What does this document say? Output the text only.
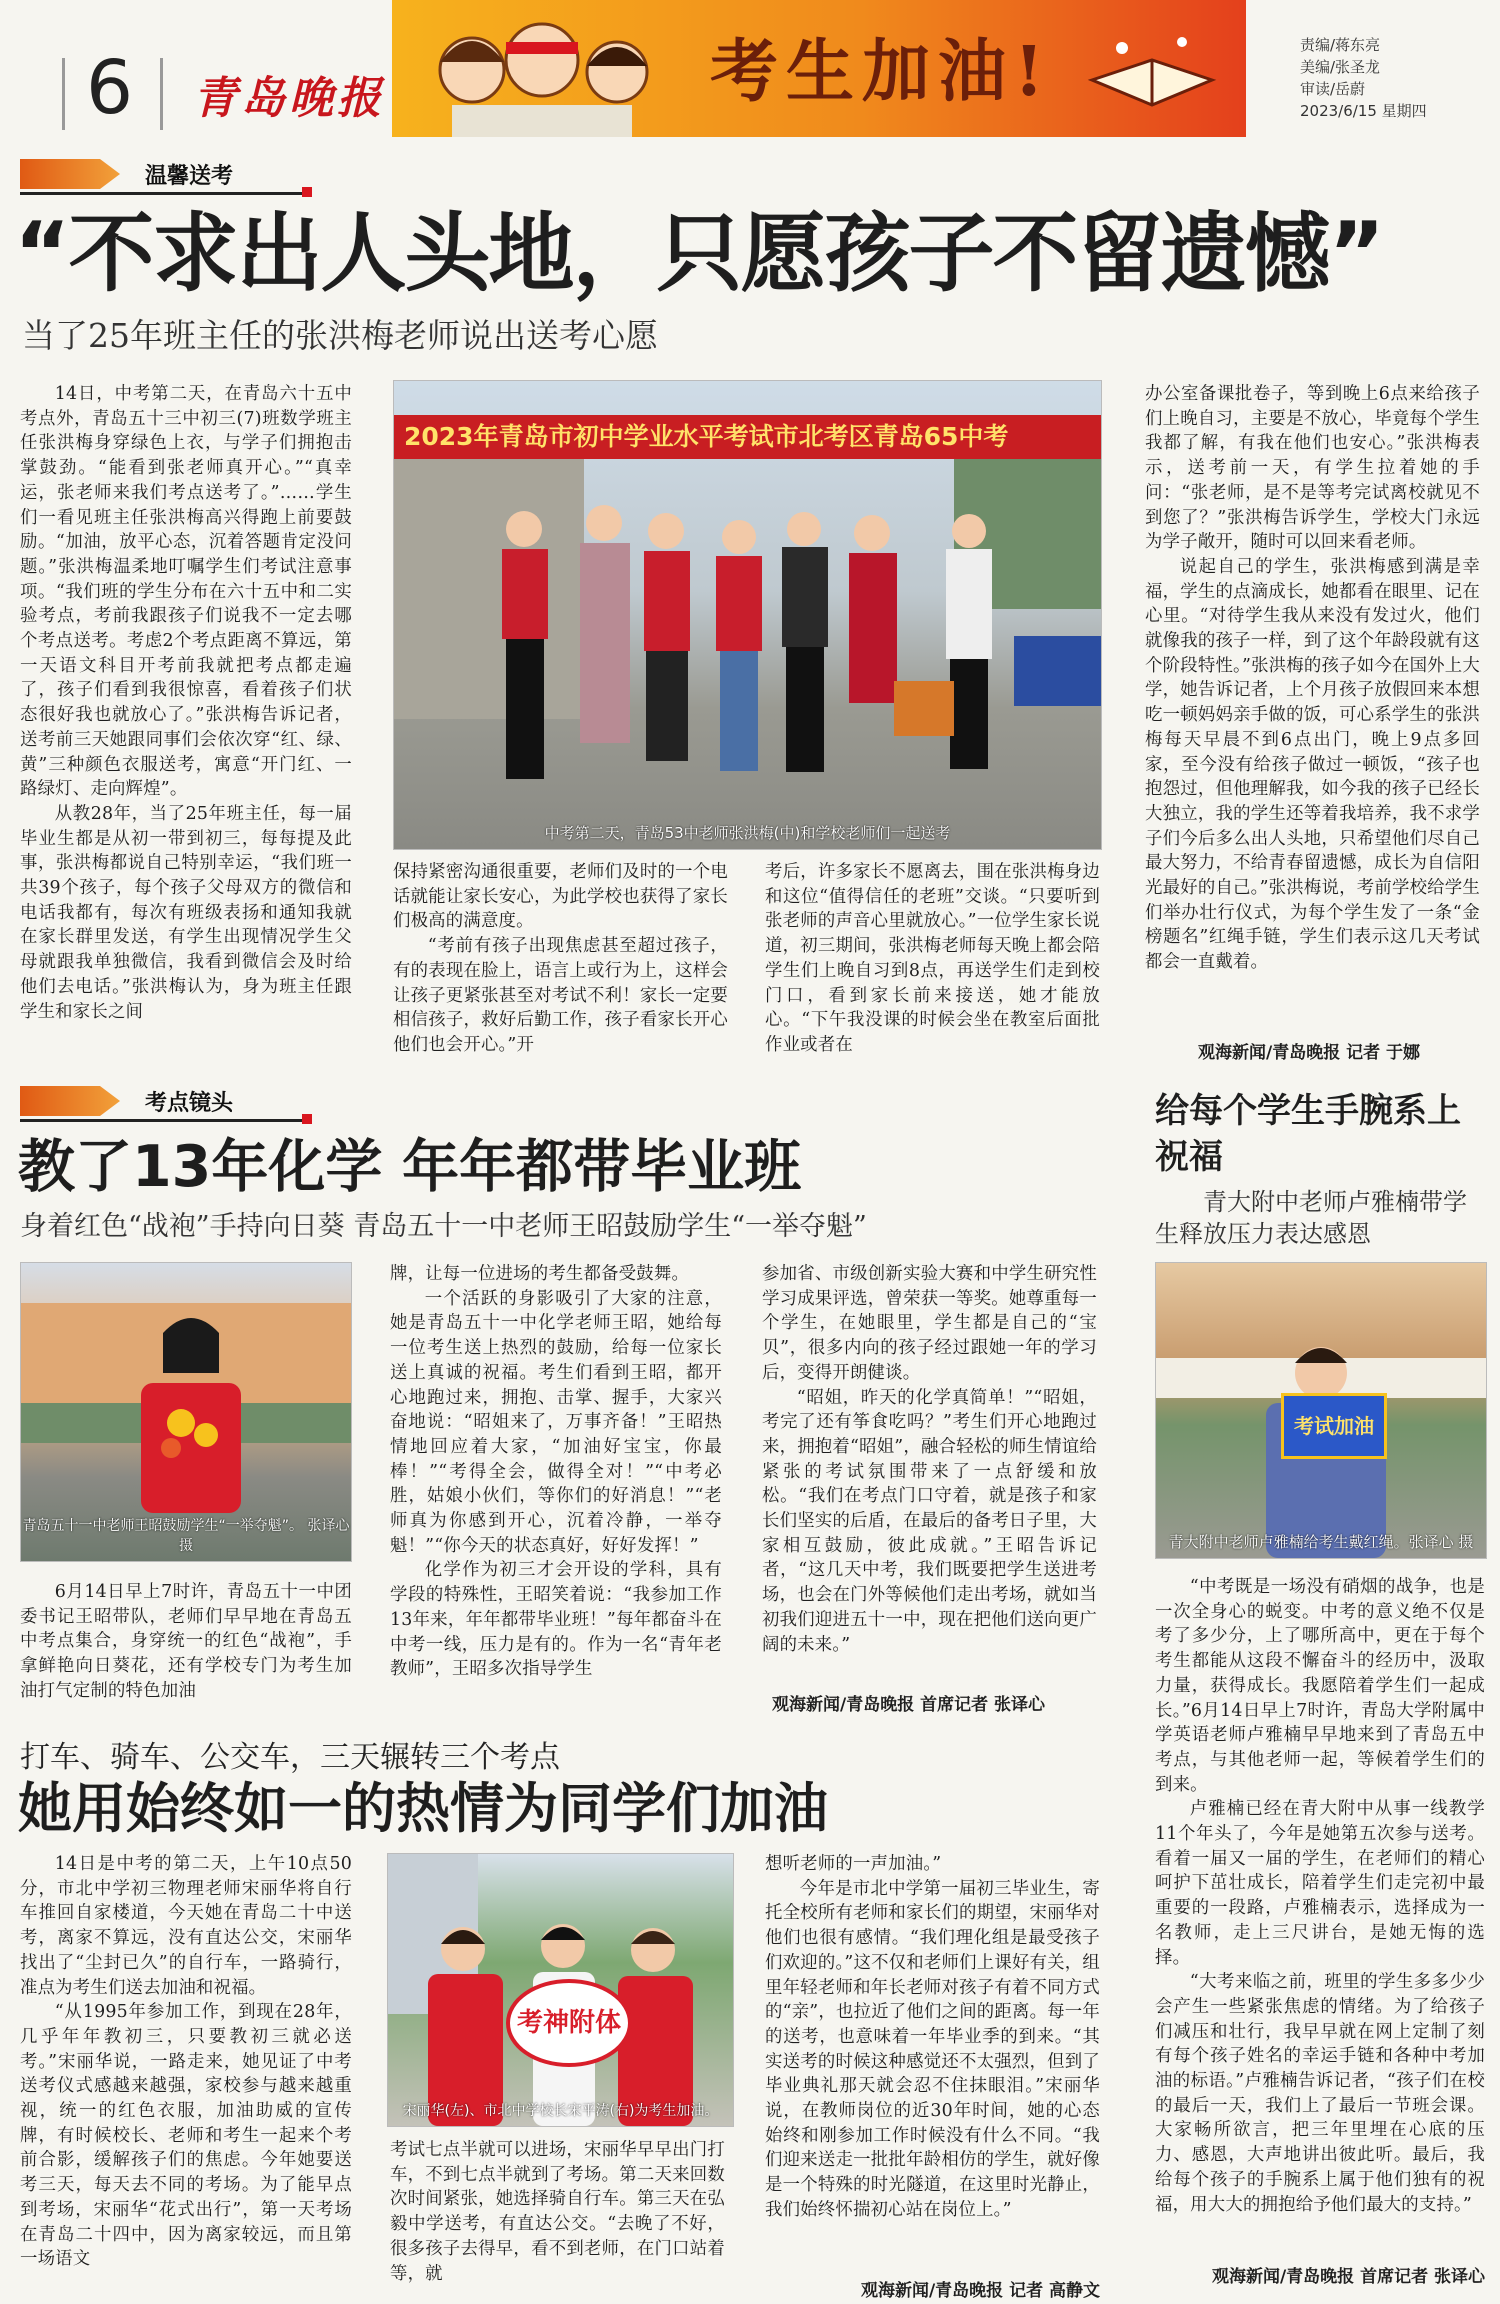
6 青岛晚报	考生加油!	责编/蒋东亮
美编/张圣龙
审读/岳蔚
2023/6/15 星期四
温馨送考
“不求出人头地，只愿孩子不留遗憾”
当了25年班主任的张洪梅老师说出送考心愿

14日，中考第二天，在青岛六十五中考点外，青岛五十三中初三(7)班数学班主任张洪梅身穿绿色上衣，与学子们拥抱击掌鼓劲。“能看到张老师真开心。”“真幸运，张老师来我们考点送考了。”……学生们一看见班主任张洪梅高兴得跑上前要鼓励。“加油，放平心态，沉着答题肯定没问题。”张洪梅温柔地叮嘱学生们考试注意事项。“我们班的学生分布在六十五中和二实验考点，考前我跟孩子们说我不一定去哪个考点送考。考虑2个考点距离不算远，第一天语文科目开考前我就把考点都走遍了，孩子们看到我很惊喜，看着孩子们状态很好我也就放心了。”张洪梅告诉记者，送考前三天她跟同事们会依次穿“红、绿、黄”三种颜色衣服送考，寓意“开门红、一路绿灯、走向辉煌”。

从教28年，当了25年班主任，每一届毕业生都是从初一带到初三，每每提及此事，张洪梅都说自己特别幸运，“我们班一共39个孩子，每个孩子父母双方的微信和电话我都有，每次有班级表扬和通知我就在家长群里发送，有学生出现情况学生父母就跟我单独微信，我看到微信会及时给他们去电话。”张洪梅认为，身为班主任跟学生和家长之间

2023年青岛市初中学业水平考试市北考区青岛65中考
中考第二天，青岛53中老师张洪梅(中)和学校老师们一起送考

保持紧密沟通很重要，老师们及时的一个电话就能让家长安心，为此学校也获得了家长们极高的满意度。

“考前有孩子出现焦虑甚至超过孩子，有的表现在脸上，语言上或行为上，这样会让孩子更紧张甚至对考试不利！家长一定要相信孩子，救好后勤工作，孩子看家长开心他们也会开心。”开

考后，许多家长不愿离去，围在张洪梅身边和这位“值得信任的老班”交谈。“只要听到张老师的声音心里就放心。”一位学生家长说道，初三期间，张洪梅老师每天晚上都会陪学生们上晚自习到8点，再送学生们走到校门口，看到家长前来接送，她才能放心。“下午我没课的时候会坐在教室后面批作业或者在

办公室备课批卷子，等到晚上6点来给孩子们上晚自习，主要是不放心，毕竟每个学生我都了解，有我在他们也安心。”张洪梅表示，送考前一天，有学生拉着她的手问：“张老师，是不是等考完试离校就见不到您了？”张洪梅告诉学生，学校大门永远为学子敞开，随时可以回来看老师。

说起自己的学生，张洪梅感到满是幸福，学生的点滴成长，她都看在眼里、记在心里。“对待学生我从来没有发过火，他们就像我的孩子一样，到了这个年龄段就有这个阶段特性。”张洪梅的孩子如今在国外上大学，她告诉记者，上个月孩子放假回来本想吃一顿妈妈亲手做的饭，可心系学生的张洪梅每天早晨不到6点出门，晚上9点多回家，至今没有给孩子做过一顿饭，“孩子也抱怨过，但他理解我，如今我的孩子已经长大独立，我的学生还等着我培养，我不求学子们今后多么出人头地，只希望他们尽自己最大努力，不给青春留遗憾，成长为自信阳光最好的自己。”张洪梅说，考前学校给学生们举办壮行仪式，为每个学生发了一条“金榜题名”红绳手链，学生们表示这几天考试都会一直戴着。

观海新闻/青岛晚报 记者 于娜
考点镜头
教了13年化学 年年都带毕业班
身着红色“战袍”手持向日葵 青岛五十一中老师王昭鼓励学生“一举夺魁”
青岛五十一中老师王昭鼓励学生“一举夺魁”。 张译心 摄

6月14日早上7时许，青岛五十一中团委书记王昭带队，老师们早早地在青岛五中考点集合，身穿统一的红色“战袍”，手拿鲜艳向日葵花，还有学校专门为考生加油打气定制的特色加油

牌，让每一位进场的考生都备受鼓舞。

一个活跃的身影吸引了大家的注意，她是青岛五十一中化学老师王昭，她给每一位考生送上热烈的鼓励，给每一位家长送上真诚的祝福。考生们看到王昭，都开心地跑过来，拥抱、击掌、握手，大家兴奋地说：“昭姐来了，万事齐备！”王昭热情地回应着大家，“加油好宝宝，你最棒！”“考得全会，做得全对！”“中考必胜，姑娘小伙们，等你们的好消息！”“老师真为你感到开心，沉着冷静，一举夺魁！”“你今天的状态真好，好好发挥！”

化学作为初三才会开设的学科，具有学段的特殊性，王昭笑着说：“我参加工作13年来，年年都带毕业班！”每年都奋斗在中考一线，压力是有的。作为一名“青年老教师”，王昭多次指导学生

参加省、市级创新实验大赛和中学生研究性学习成果评选，曾荣获一等奖。她尊重每一个学生，在她眼里，学生都是自己的“宝贝”，很多内向的孩子经过跟她一年的学习后，变得开朗健谈。

“昭姐，昨天的化学真简单！”“昭姐，考完了还有筝食吃吗？”考生们开心地跑过来，拥抱着“昭姐”，融合轻松的师生情谊给紧张的考试氛围带来了一点舒缓和放松。“我们在考点门口守着，就是孩子和家长们坚实的后盾，在最后的备考日子里，大家相互鼓励，彼此成就。”王昭告诉记者，“这几天中考，我们既要把学生送进考场，也会在门外等候他们走出考场，就如当初我们迎进五十一中，现在把他们送向更广阔的未来。”

观海新闻/青岛晚报 首席记者 张译心
给每个学生手腕系上祝福
青大附中老师卢雅楠带学生释放压力表达感恩
考试加油
青大附中老师卢雅楠给考生戴红绳。张译心 摄

“中考既是一场没有硝烟的战争，也是一次全身心的蜕变。中考的意义绝不仅是考了多少分，上了哪所高中，更在于每个考生都能从这段不懈奋斗的经历中，汲取力量，获得成长。我愿陪着学生们一起成长。”6月14日早上7时许，青岛大学附属中学英语老师卢雅楠早早地来到了青岛五中考点，与其他老师一起，等候着学生们的到来。

卢雅楠已经在青大附中从事一线教学11个年头了，今年是她第五次参与送考。看着一届又一届的学生，在老师们的精心呵护下茁壮成长，陪着学生们走完初中最重要的一段路，卢雅楠表示，选择成为一名教师，走上三尺讲台，是她无悔的选择。

“大考来临之前，班里的学生多多少少会产生一些紧张焦虑的情绪。为了给孩子们减压和壮行，我早早就在网上定制了刻有每个孩子姓名的幸运手链和各种中考加油的标语。”卢雅楠告诉记者，“孩子们在校的最后一天，我们上了最后一节班会课。大家畅所欲言，把三年里埋在心底的压力、感恩，大声地讲出彼此听。最后，我给每个孩子的手腕系上属于他们独有的祝福，用大大的拥抱给予他们最大的支持。”

观海新闻/青岛晚报 首席记者 张译心
打车、骑车、公交车，三天辗转三个考点
她用始终如一的热情为同学们加油

14日是中考的第二天，上午10点50分，市北中学初三物理老师宋丽华将自行车推回自家楼道，今天她在青岛二十中送考，离家不算远，没有直达公交，宋丽华找出了“尘封已久”的自行车，一路骑行，准点为考生们送去加油和祝福。

“从1995年参加工作，到现在28年，几乎年年教初三，只要教初三就必送考。”宋丽华说，一路走来，她见证了中考送考仪式感越来越强，家校参与越来越重视，统一的红色衣服，加油助威的宣传牌，有时候校长、老师和考生一起来个考前合影，缓解孩子们的焦虑。今年她要送考三天，每天去不同的考场。为了能早点到考场，宋丽华“花式出行”，第一天考场在青岛二十四中，因为离家较远，而且第一场语文

考神附体
宋丽华(左)、市北中学校长宋平涛(右)为考生加油。

考试七点半就可以进场，宋丽华早早出门打车，不到七点半就到了考场。第二天来回数次时间紧张，她选择骑自行车。第三天在弘毅中学送考，有直达公交。“去晚了不好，很多孩子去得早，看不到老师，在门口站着等，就

想听老师的一声加油。”

今年是市北中学第一届初三毕业生，寄托全校所有老师和家长们的期望，宋丽华对他们也很有感情。“我们理化组是最受孩子们欢迎的。”这不仅和老师们上课好有关，组里年轻老师和年长老师对孩子有着不同方式的“亲”，也拉近了他们之间的距离。每一年的送考，也意味着一年毕业季的到来。“其实送考的时候这种感觉还不太强烈，但到了毕业典礼那天就会忍不住抹眼泪。”宋丽华说，在教师岗位的近30年时间，她的心态始终和刚参加工作时候没有什么不同。“我们迎来送走一批批年龄相仿的学生，就好像是一个特殊的时光隧道，在这里时光静止，我们始终怀揣初心站在岗位上。”

观海新闻/青岛晚报 记者 高静文
